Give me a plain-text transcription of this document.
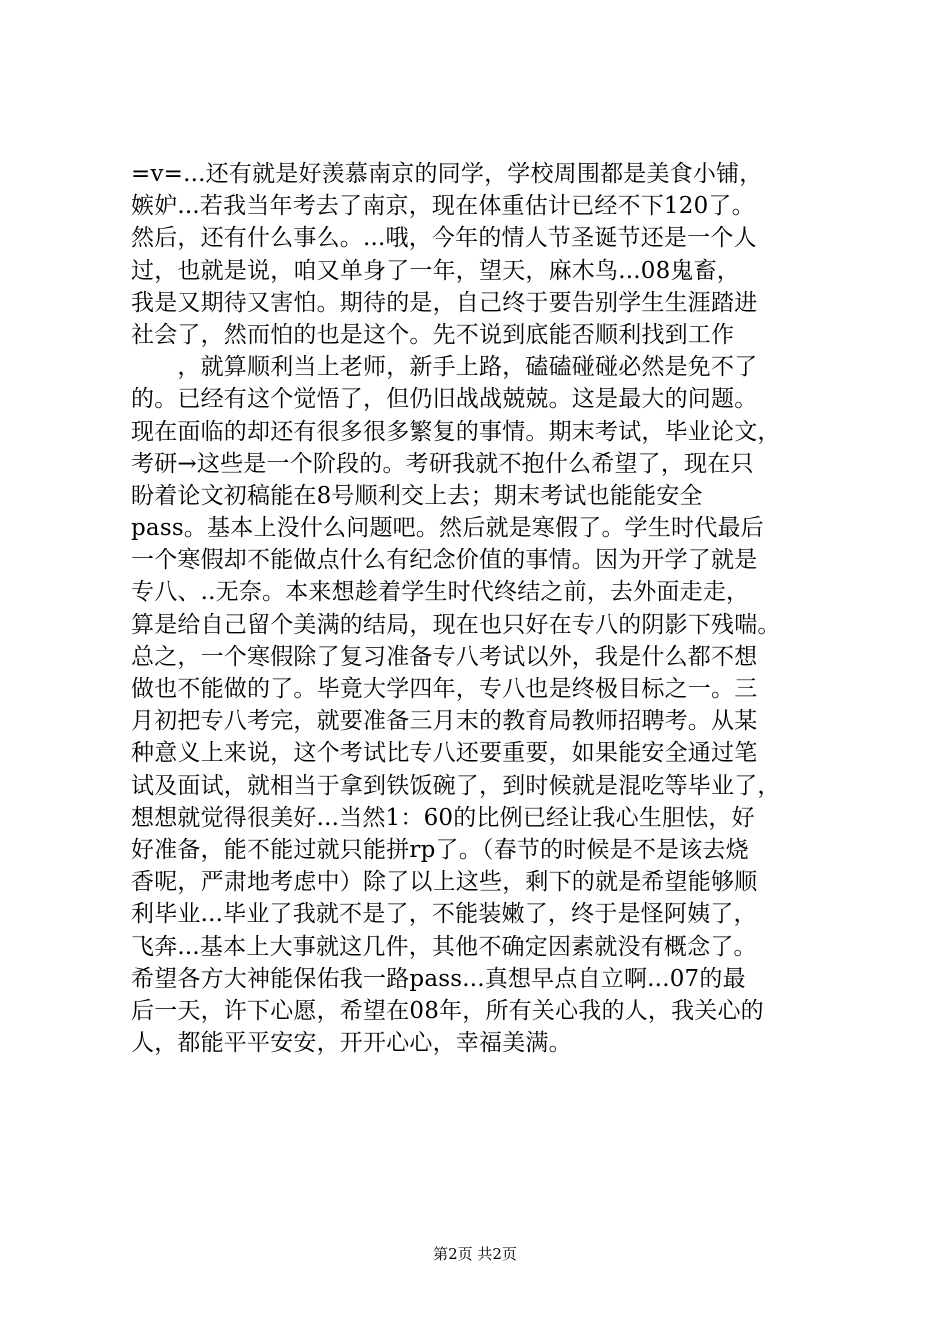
=v=...还有就是好羡慕南京的同学，学校周围都是美食小铺，
嫉妒...若我当年考去了南京，现在体重估计已经不下120了。
然后，还有什么事么。...哦，今年的情人节圣诞节还是一个人
过，也就是说，咱又单身了一年，望天，麻木鸟...08鬼畜，
我是又期待又害怕。期待的是，自己终于要告别学生生涯踏进
社会了，然而怕的也是这个。先不说到底能否顺利找到工作
　　，就算顺利当上老师，新手上路，磕磕碰碰必然是免不了
的。已经有这个觉悟了，但仍旧战战兢兢。这是最大的问题。
现在面临的却还有很多很多繁复的事情。期末考试，毕业论文，
考研→这些是一个阶段的。考研我就不抱什么希望了，现在只
盼着论文初稿能在8号顺利交上去；期末考试也能能安全
pass。基本上没什么问题吧。然后就是寒假了。学生时代最后
一个寒假却不能做点什么有纪念价值的事情。因为开学了就是
专八、..无奈。本来想趁着学生时代终结之前，去外面走走，
算是给自己留个美满的结局，现在也只好在专八的阴影下残喘。
总之，一个寒假除了复习准备专八考试以外，我是什么都不想
做也不能做的了。毕竟大学四年，专八也是终极目标之一。三
月初把专八考完，就要准备三月末的教育局教师招聘考。从某
种意义上来说，这个考试比专八还要重要，如果能安全通过笔
试及面试，就相当于拿到铁饭碗了，到时候就是混吃等毕业了，
想想就觉得很美好...当然1：60的比例已经让我心生胆怯，好
好准备，能不能过就只能拼rp了。（春节的时候是不是该去烧
香呢，严肃地考虑中）除了以上这些，剩下的就是希望能够顺
利毕业...毕业了我就不是了，不能装嫩了，终于是怪阿姨了，
飞奔...基本上大事就这几件，其他不确定因素就没有概念了。
希望各方大神能保佑我一路pass...真想早点自立啊...07的最
后一天，许下心愿，希望在08年，所有关心我的人，我关心的
人，都能平平安安，开开心心，幸福美满。
第2页 共2页
